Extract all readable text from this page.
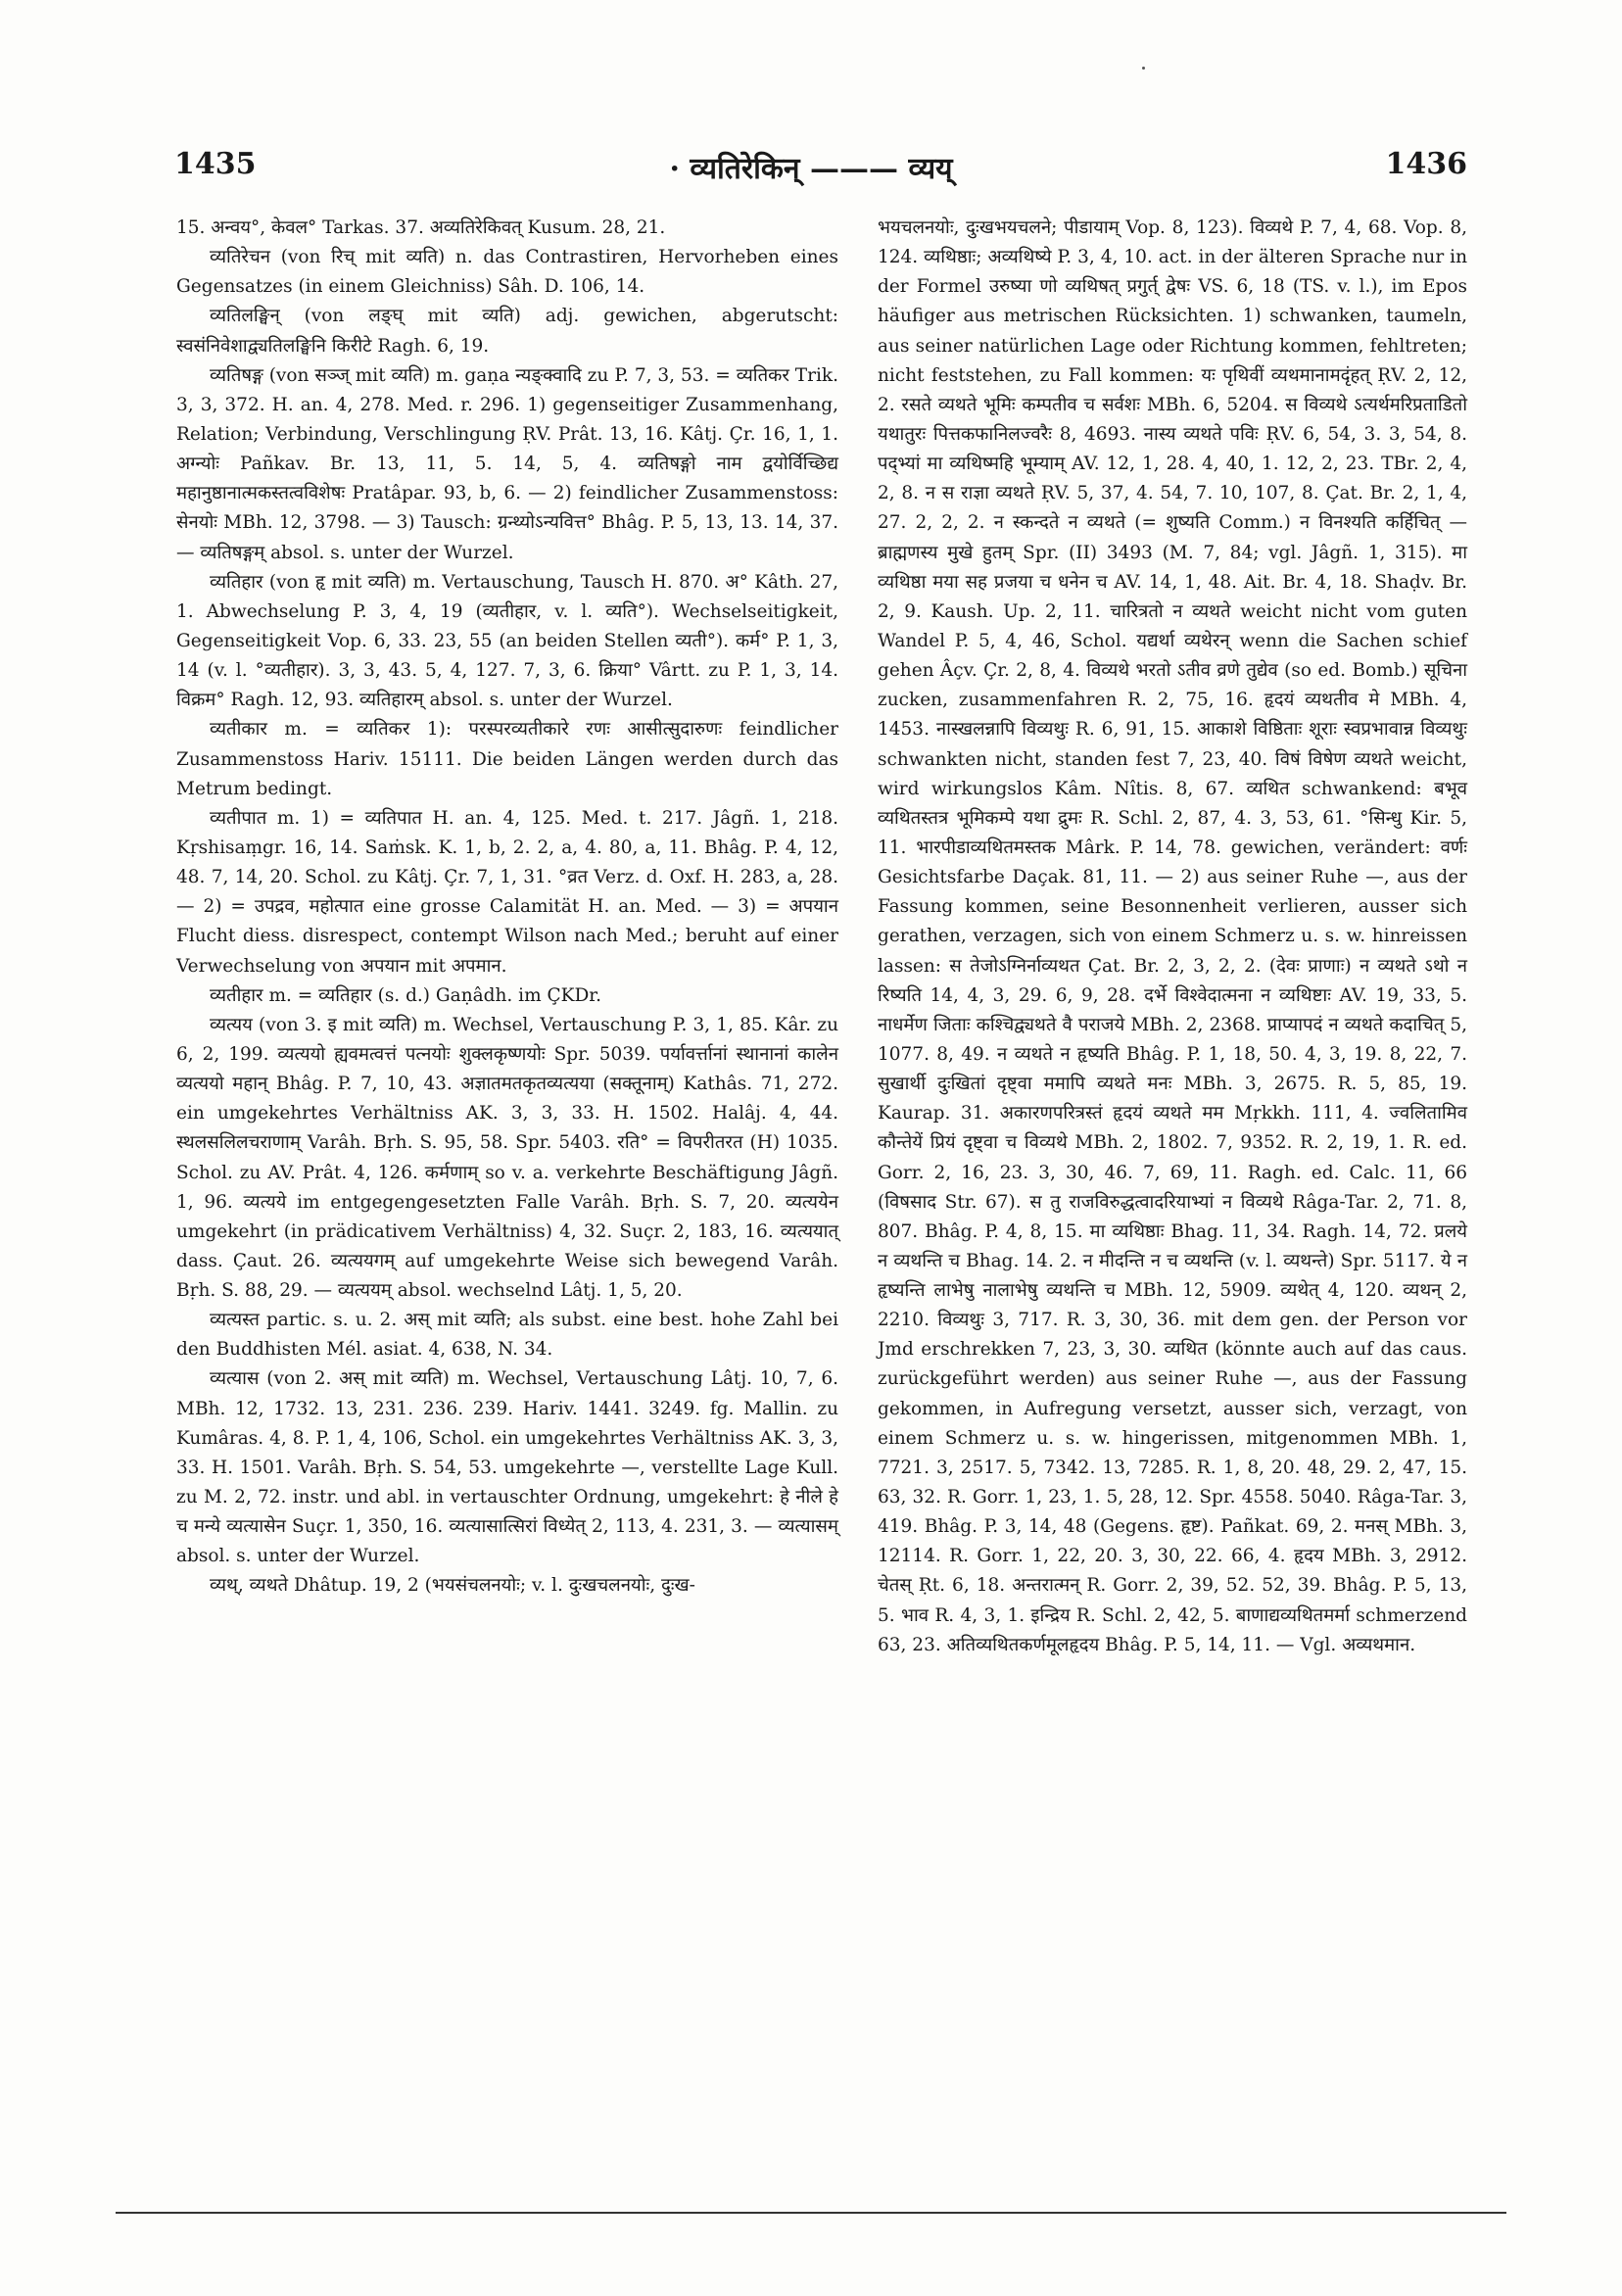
1435	· व्यतिरेकिन् ——— व्यय्	1436

15. अन्वय°, केवल° Tarkas. 37. अव्यतिरेकिवत् Kusum. 28, 21.

व्यतिरेचन (von रिच् mit व्यति) n. das Contrastiren, Hervorheben eines Gegensatzes (in einem Gleichniss) Sâh. D. 106, 14.

व्यतिलङ्घिन् (von लङ्घ् mit व्यति) adj. gewichen, abgerutscht: स्वसंनिवेशाद्व्यतिलङ्घिनि किरीटे Ragh. 6, 19.

व्यतिषङ्ग (von सञ्ज् mit व्यति) m. gaṇa न्यङ्क्वादि zu P. 7, 3, 53. = व्यतिकर Trik. 3, 3, 372. H. an. 4, 278. Med. r. 296. 1) gegenseitiger Zusammenhang, Relation; Verbindung, Verschlingung ṚV. Prât. 13, 16. Kâtj. Çr. 16, 1, 1. अग्न्योः Pañkav. Br. 13, 11, 5. 14, 5, 4. व्यतिषङ्गो नाम द्वयोर्विच्छिद्य महानुष्ठानात्मकस्तत्वविशेषः Pratâpar. 93, b, 6. — 2) feindlicher Zusammenstoss: सेनयोः MBh. 12, 3798. — 3) Tausch: ग्रन्थ्योऽन्यवित्त° Bhâg. P. 5, 13, 13. 14, 37. — व्यतिषङ्गम् absol. s. unter der Wurzel.

व्यतिहार (von हृ mit व्यति) m. Vertauschung, Tausch H. 870. अ° Kâth. 27, 1. Abwechselung P. 3, 4, 19 (व्यतीहार, v. l. व्यति°). Wechselseitigkeit, Gegenseitigkeit Vop. 6, 33. 23, 55 (an beiden Stellen व्यती°). कर्म° P. 1, 3, 14 (v. l. °व्यतीहार). 3, 3, 43. 5, 4, 127. 7, 3, 6. क्रिया° Vârtt. zu P. 1, 3, 14. विक्रम° Ragh. 12, 93. व्यतिहारम् absol. s. unter der Wurzel.

व्यतीकार m. = व्यतिकर 1): परस्परव्यतीकारे रणः आसीत्सुदारुणः feindlicher Zusammenstoss Hariv. 15111. Die beiden Längen werden durch das Metrum bedingt.

व्यतीपात m. 1) = व्यतिपात H. an. 4, 125. Med. t. 217. Jâgñ. 1, 218. Kṛshisaṃgr. 16, 14. Saṁsk. K. 1, b, 2. 2, a, 4. 80, a, 11. Bhâg. P. 4, 12, 48. 7, 14, 20. Schol. zu Kâtj. Çr. 7, 1, 31. °व्रत Verz. d. Oxf. H. 283, a, 28. — 2) = उपद्रव, महोत्पात eine grosse Calamität H. an. Med. — 3) = अपयान Flucht diess. disrespect, contempt Wilson nach Med.; beruht auf einer Verwechselung von अपयान mit अपमान.

व्यतीहार m. = व्यतिहार (s. d.) Gaṇâdh. im ÇKDr.

व्यत्यय (von 3. इ mit व्यति) m. Wechsel, Vertauschung P. 3, 1, 85. Kâr. zu 6, 2, 199. व्यत्ययो ह्यवमत्वत्तं पत्नयोः शुक्लकृष्णयोः Spr. 5039. पर्यावर्त्तानां स्थानानां कालेन व्यत्ययो महान् Bhâg. P. 7, 10, 43. अज्ञातमतकृतव्यत्यया (सक्तूनाम्) Kathâs. 71, 272. ein umgekehrtes Verhältniss AK. 3, 3, 33. H. 1502. Halâj. 4, 44. स्थलसलिलचराणाम् Varâh. Bṛh. S. 95, 58. Spr. 5403. रति° = विपरीतरत (H) 1035. Schol. zu AV. Prât. 4, 126. कर्मणाम् so v. a. verkehrte Beschäftigung Jâgñ. 1, 96. व्यत्यये im entgegengesetzten Falle Varâh. Bṛh. S. 7, 20. व्यत्ययेन umgekehrt (in prädicativem Verhältniss) 4, 32. Suçr. 2, 183, 16. व्यत्ययात् dass. Çaut. 26. व्यत्ययगम् auf umgekehrte Weise sich bewegend Varâh. Bṛh. S. 88, 29. — व्यत्ययम् absol. wechselnd Lâtj. 1, 5, 20.

व्यत्यस्त partic. s. u. 2. अस् mit व्यति; als subst. eine best. hohe Zahl bei den Buddhisten Mél. asiat. 4, 638, N. 34.

व्यत्यास (von 2. अस् mit व्यति) m. Wechsel, Vertauschung Lâtj. 10, 7, 6. MBh. 12, 1732. 13, 231. 236. 239. Hariv. 1441. 3249. fg. Mallin. zu Kumâras. 4, 8. P. 1, 4, 106, Schol. ein umgekehrtes Verhältniss AK. 3, 3, 33. H. 1501. Varâh. Bṛh. S. 54, 53. umgekehrte —, verstellte Lage Kull. zu M. 2, 72. instr. und abl. in vertauschter Ordnung, umgekehrt: हे नीले हे च मन्ये व्यत्यासेन Suçr. 1, 350, 16. व्यत्यासात्सिरां विध्येत् 2, 113, 4. 231, 3. — व्यत्यासम् absol. s. unter der Wurzel.

व्यथ्, व्यथते Dhâtup. 19, 2 (भयसंचलनयोः; v. l. दुःखचलनयोः, दुःख-

भयचलनयोः, दुःखभयचलने; पीडायाम् Vop. 8, 123). विव्यथे P. 7, 4, 68. Vop. 8, 124. व्यथिष्ठाः; अव्यथिष्ये P. 3, 4, 10. act. in der älteren Sprache nur in der Formel उरुष्या णो व्यथिषत् प्रगुर्त् द्वेषः VS. 6, 18 (TS. v. l.), im Epos häufiger aus metrischen Rücksichten. 1) schwanken, taumeln, aus seiner natürlichen Lage oder Richtung kommen, fehltreten; nicht feststehen, zu Fall kommen: यः पृथिवीं व्यथमानामदृंहत् ṚV. 2, 12, 2. रसते व्यथते भूमिः कम्पतीव च सर्वशः MBh. 6, 5204. स विव्यथे ऽत्यर्थमरिप्रताडितो यथातुरः पित्तकफानिलज्वरैः 8, 4693. नास्य व्यथते पविः ṚV. 6, 54, 3. 3, 54, 8. पद्भ्यां मा व्यथिष्महि भूम्याम् AV. 12, 1, 28. 4, 40, 1. 12, 2, 23. TBr. 2, 4, 2, 8. न स राज्ञा व्यथते ṚV. 5, 37, 4. 54, 7. 10, 107, 8. Çat. Br. 2, 1, 4, 27. 2, 2, 2. न स्कन्दते न व्यथते (= शुष्यति Comm.) न विनश्यति कर्हिचित् — ब्राह्मणस्य मुखे हुतम् Spr. (II) 3493 (M. 7, 84; vgl. Jâgñ. 1, 315). मा व्यथिष्ठा मया सह प्रजया च धनेन च AV. 14, 1, 48. Ait. Br. 4, 18. Shaḍv. Br. 2, 9. Kaush. Up. 2, 11. चारित्रतो न व्यथते weicht nicht vom guten Wandel P. 5, 4, 46, Schol. यद्यर्था व्यथेरन् wenn die Sachen schief gehen Âçv. Çr. 2, 8, 4. विव्यथे भरतो ऽतीव व्रणे तुद्येव (so ed. Bomb.) सूचिना zucken, zusammenfahren R. 2, 75, 16. हृदयं व्यथतीव मे MBh. 4, 1453. नास्खलन्नापि विव्यथुः R. 6, 91, 15. आकाशे विष्ठिताः शूराः स्वप्रभावान्न विव्यथुः schwankten nicht, standen fest 7, 23, 40. विषं विषेण व्यथते weicht, wird wirkungslos Kâm. Nîtis. 8, 67. व्यथित schwankend: बभूव व्यथितस्तत्र भूमिकम्पे यथा द्रुमः R. Schl. 2, 87, 4. 3, 53, 61. °सिन्धु Kir. 5, 11. भारपीडाव्यथितमस्तक Mârk. P. 14, 78. gewichen, verändert: वर्णः Gesichtsfarbe Daçak. 81, 11. — 2) aus seiner Ruhe —, aus der Fassung kommen, seine Besonnenheit verlieren, ausser sich gerathen, verzagen, sich von einem Schmerz u. s. w. hinreissen lassen: स तेजोऽग्निर्नाव्यथत Çat. Br. 2, 3, 2, 2. (देवः प्राणाः) न व्यथते ऽथो न रिष्यति 14, 4, 3, 29. 6, 9, 28. दर्भे विश्वेदात्मना न व्यथिष्टाः AV. 19, 33, 5. नाधर्मेण जिताः कश्चिद्व्यथते वै पराजये MBh. 2, 2368. प्राप्यापदं न व्यथते कदाचित् 5, 1077. 8, 49. न व्यथते न हृष्यति Bhâg. P. 1, 18, 50. 4, 3, 19. 8, 22, 7. सुखार्थी दुःखितां दृष्ट्वा ममापि व्यथते मनः MBh. 3, 2675. R. 5, 85, 19. Kaurap. 31. अकारणपरित्रस्तं हृदयं व्यथते मम Mṛkkh. 111, 4. ज्वलितामिव कौन्तेयें प्रियं दृष्ट्वा च विव्यथे MBh. 2, 1802. 7, 9352. R. 2, 19, 1. R. ed. Gorr. 2, 16, 23. 3, 30, 46. 7, 69, 11. Ragh. ed. Calc. 11, 66 (विषसाद Str. 67). स तु राजविरुद्धत्वादरियाभ्यां न विव्यथे Râga-Tar. 2, 71. 8, 807. Bhâg. P. 4, 8, 15. मा व्यथिष्ठाः Bhag. 11, 34. Ragh. 14, 72. प्रलये न व्यथन्ति च Bhag. 14. 2. न मीदन्ति न च व्यथन्ति (v. l. व्यथन्ते) Spr. 5117. ये न हृष्यन्ति लाभेषु नालाभेषु व्यथन्ति च MBh. 12, 5909. व्यथेत् 4, 120. व्यथन् 2, 2210. विव्यथुः 3, 717. R. 3, 30, 36. mit dem gen. der Person vor Jmd erschrekken 7, 23, 3, 30. व्यथित (könnte auch auf das caus. zurückgeführt werden) aus seiner Ruhe —, aus der Fassung gekommen, in Aufregung versetzt, ausser sich, verzagt, von einem Schmerz u. s. w. hingerissen, mitgenommen MBh. 1, 7721. 3, 2517. 5, 7342. 13, 7285. R. 1, 8, 20. 48, 29. 2, 47, 15. 63, 32. R. Gorr. 1, 23, 1. 5, 28, 12. Spr. 4558. 5040. Râga-Tar. 3, 419. Bhâg. P. 3, 14, 48 (Gegens. हृष्ट). Pañkat. 69, 2. मनस् MBh. 3, 12114. R. Gorr. 1, 22, 20. 3, 30, 22. 66, 4. हृदय MBh. 3, 2912. चेतस् Ṛt. 6, 18. अन्तरात्मन् R. Gorr. 2, 39, 52. 52, 39. Bhâg. P. 5, 13, 5. भाव R. 4, 3, 1. इन्द्रिय R. Schl. 2, 42, 5. बाणाद्यव्यथितमर्मा schmerzend 63, 23. अतिव्यथितकर्णमूलहृदय Bhâg. P. 5, 14, 11. — Vgl. अव्यथमान.
